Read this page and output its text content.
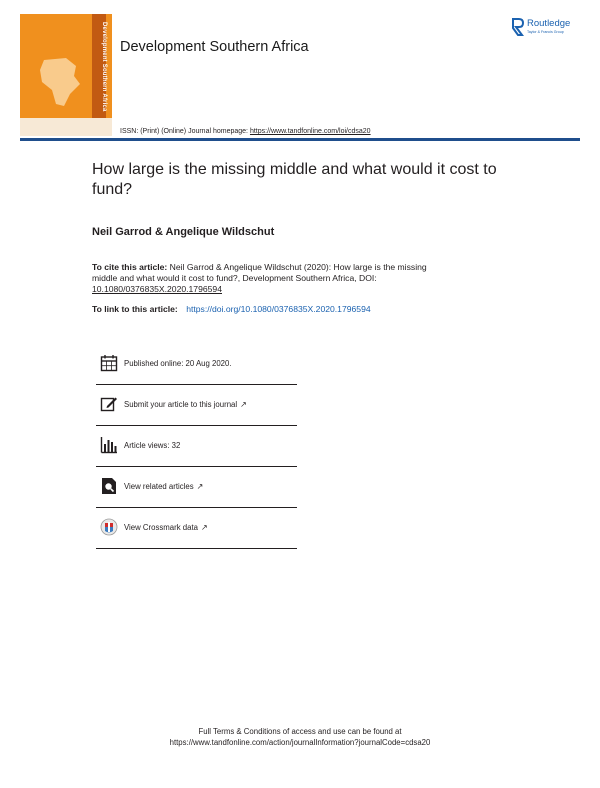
Development Southern Africa Development Southern Africa
Routledge
Taylor & Francis Group
ISSN: (Print) (Online) Journal homepage: https://www.tandfonline.com/loi/cdsa20
How large is the missing middle and what would it cost to fund?
Neil Garrod & Angelique Wildschut
To cite this article: Neil Garrod & Angelique Wildschut (2020): How large is the missing middle and what would it cost to fund?, Development Southern Africa, DOI: 10.1080/0376835X.2020.1796594
To link to this article: https://doi.org/10.1080/0376835X.2020.1796594
Published online: 20 Aug 2020.
Submit your article to this journal ↗
Article views: 32
View related articles ↗
View Crossmark data ↗
Full Terms & Conditions of access and use can be found at
https://www.tandfonline.com/action/journalInformation?journalCode=cdsa20
